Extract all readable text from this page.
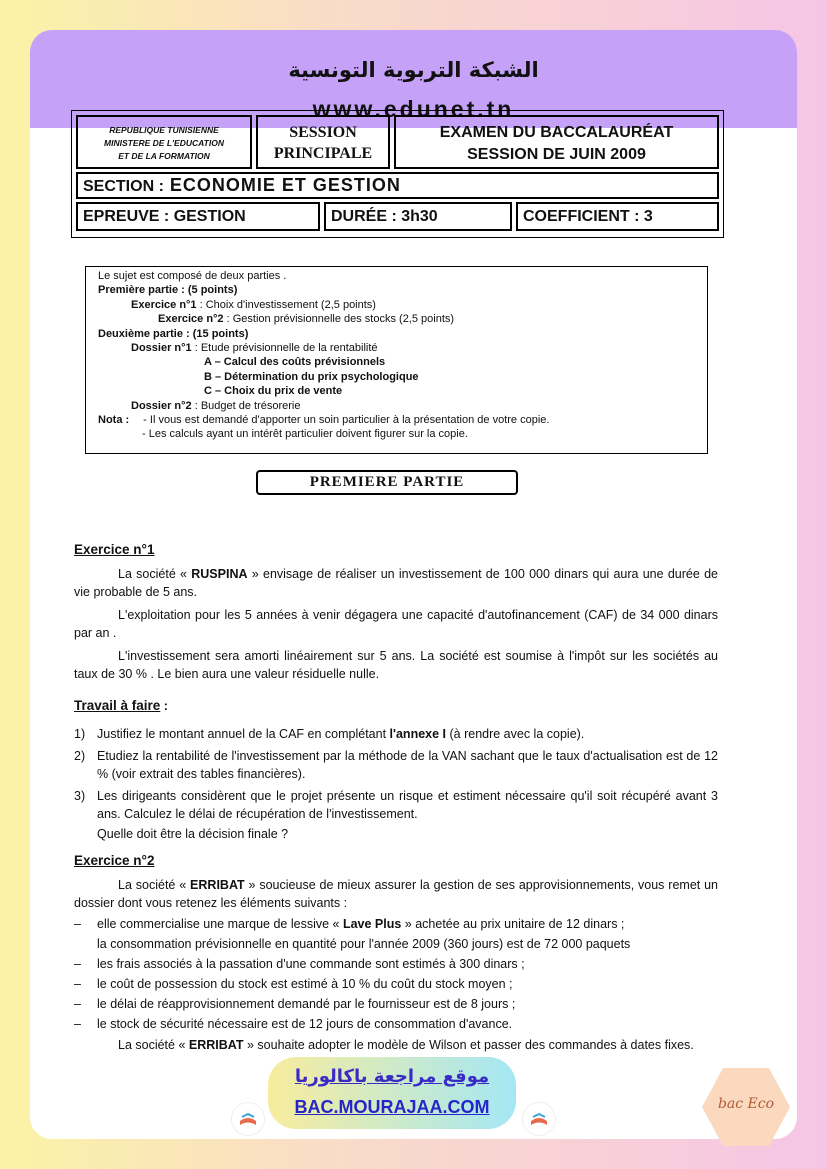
الشبكة التربوية التونسية
www.edunet.tn
REPUBLIQUE TUNISIENNE
MINISTERE DE L'EDUCATION
ET DE LA FORMATION
SESSION
PRINCIPALE
EXAMEN DU BACCALAURÉAT
SESSION DE JUIN 2009
SECTION : ECONOMIE ET GESTION
EPREUVE : GESTION	DURÉE : 3h30	COEFFICIENT : 3
Le sujet est composé de deux parties .
Première partie : (5 points)
Exercice n°1 : Choix d'investissement (2,5 points)
Exercice n°2 : Gestion prévisionnelle des stocks (2,5 points)
Deuxième partie : (15 points)
Dossier n°1 : Etude prévisionnelle de la rentabilité
A – Calcul des coûts prévisionnels
B – Détermination du prix psychologique
C – Choix du prix de vente
Dossier n°2 : Budget de trésorerie
Nota : - Il vous est demandé d'apporter un soin particulier à la présentation de votre copie.
- Les calculs ayant un intérêt particulier doivent figurer sur la copie.
PREMIERE PARTIE
Exercice n°1
La société « RUSPINA » envisage de réaliser un investissement de 100 000 dinars qui aura une durée de vie probable de 5 ans.
L'exploitation pour les 5 années à venir dégagera une capacité d'autofinancement (CAF) de 34 000 dinars par an .
L'investissement sera amorti linéairement sur 5 ans. La société est soumise à l'impôt sur les sociétés au taux de 30 % . Le bien aura une valeur résiduelle nulle.
Travail à faire :
1) Justifiez le montant annuel de la CAF en complétant l'annexe I (à rendre avec la copie).
2) Etudiez la rentabilité de l'investissement par la méthode de la VAN sachant que le taux d'actualisation est de 12 % (voir extrait des tables financières).
3) Les dirigeants considèrent que le projet présente un risque et estiment nécessaire qu'il soit récupéré avant 3 ans. Calculez le délai de récupération de l'investissement.
Quelle doit être la décision finale ?
Exercice n°2
La société « ERRIBAT » soucieuse de mieux assurer la gestion de ses approvisionnements, vous remet un dossier dont vous retenez les éléments suivants :
– elle commercialise une marque de lessive « Lave Plus » achetée au prix unitaire de 12 dinars ;
la consommation prévisionnelle en quantité pour l'année 2009 (360 jours) est de 72 000 paquets
– les frais associés à la passation d'une commande sont estimés à 300 dinars ;
– le coût de possession du stock est estimé à 10 % du coût du stock moyen ;
– le délai de réapprovisionnement demandé par le fournisseur est de 8 jours ;
– le stock de sécurité nécessaire est de 12 jours de consommation d'avance.
La société « ERRIBAT » souhaite adopter le modèle de Wilson et passer des commandes à dates fixes.
موقع مراجعة باكالوريا
BAC.MOURAJAA.COM	bac Eco
